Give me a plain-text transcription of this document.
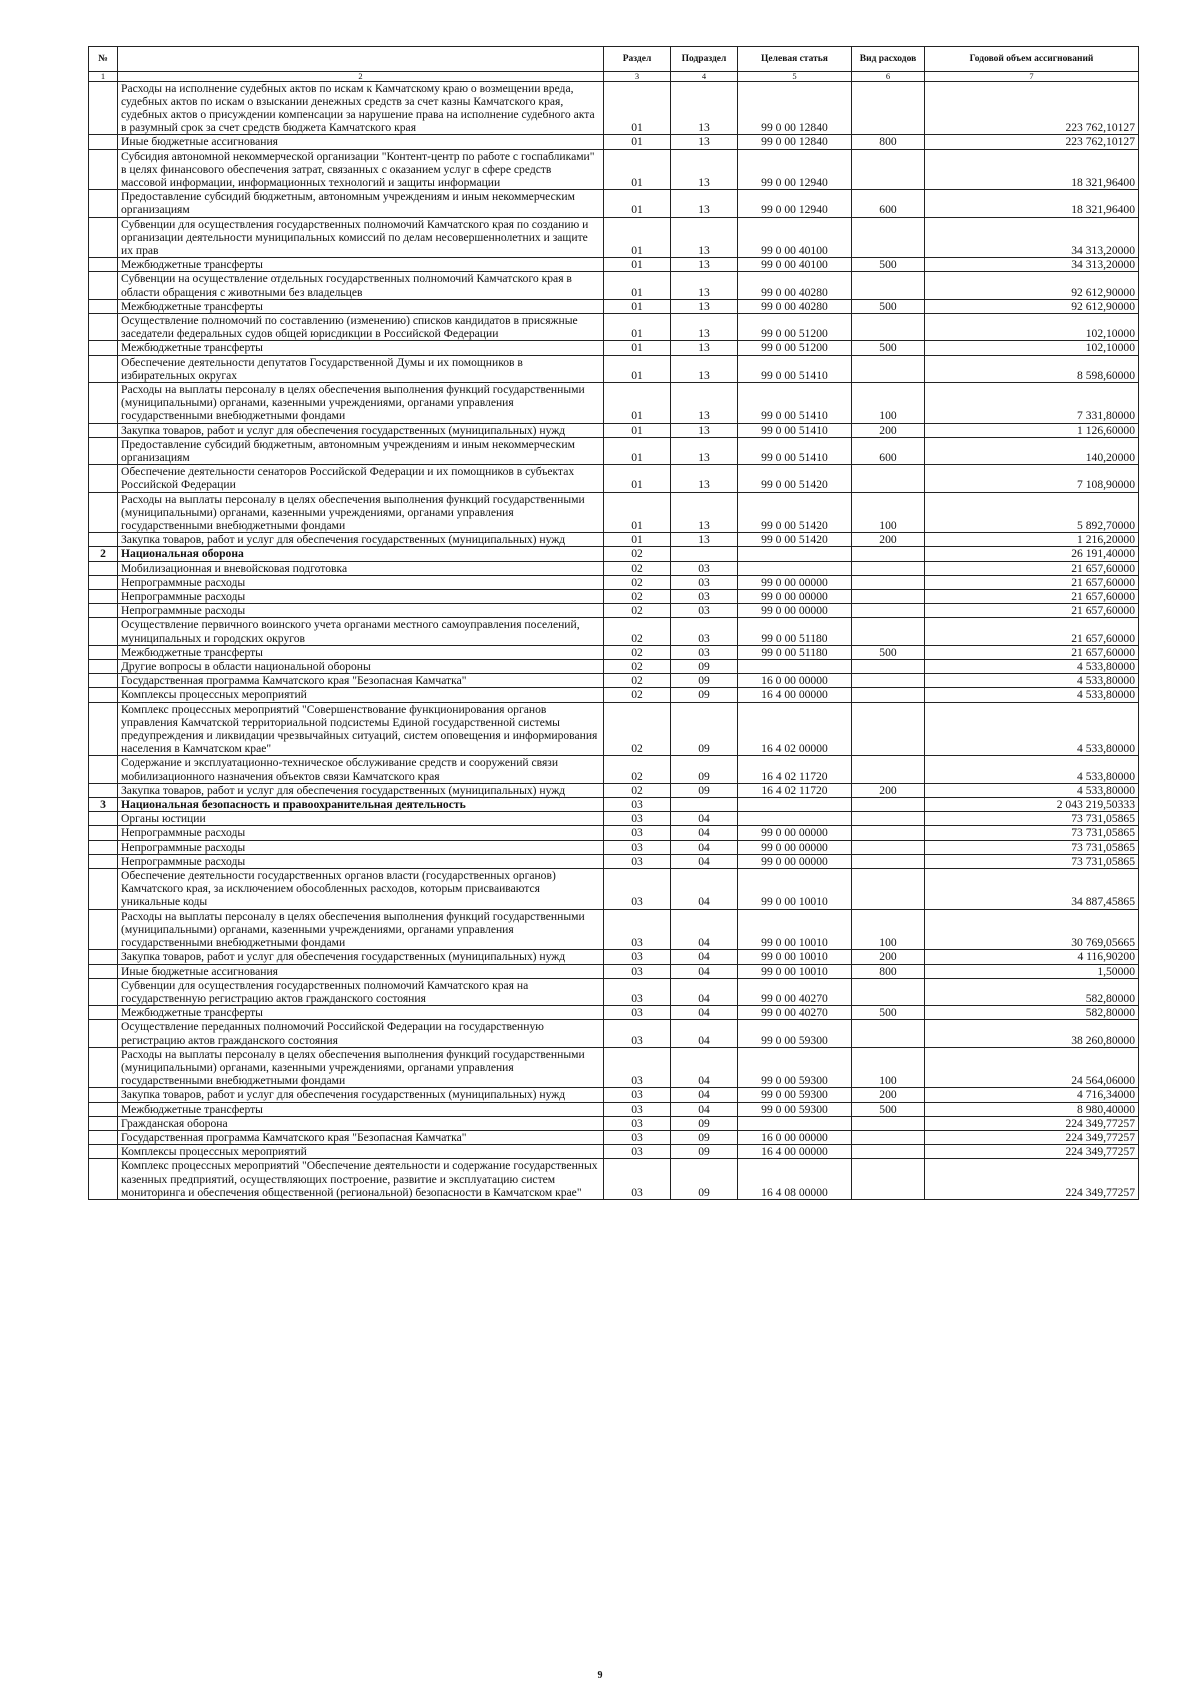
№		Раздел	Подраздел	Целевая статья	Вид расходов	Годовой объем ассигнований
1	2	3	4	5	6	7
	Расходы на исполнение судебных актов по искам к Камчатскому краю о возмещении вреда, судебных актов по искам о взыскании денежных средств за счет казны Камчатского края, судебных актов о присуждении компенсации за нарушение права на исполнение судебного акта в разумный срок за счет средств бюджета Камчатского края	01	13	99 0 00 12840		223 762,10127
	Иные бюджетные ассигнования	01	13	99 0 00 12840	800	223 762,10127
	Субсидия автономной некоммерческой организации "Контент-центр по работе с госпабликами" в целях финансового обеспечения затрат, связанных с оказанием услуг в сфере средств массовой информации, информационных технологий и защиты информации	01	13	99 0 00 12940		18 321,96400
	Предоставление субсидий бюджетным, автономным учреждениям и иным некоммерческим организациям	01	13	99 0 00 12940	600	18 321,96400
	Субвенции для осуществления государственных полномочий Камчатского края по созданию и организации деятельности муниципальных комиссий по делам несовершеннолетних и защите их прав	01	13	99 0 00 40100		34 313,20000
	Межбюджетные трансферты	01	13	99 0 00 40100	500	34 313,20000
	Субвенции на осуществление отдельных государственных полномочий Камчатского края в области обращения с животными без владельцев	01	13	99 0 00 40280		92 612,90000
	Межбюджетные трансферты	01	13	99 0 00 40280	500	92 612,90000
	Осуществление полномочий по составлению (изменению) списков кандидатов в присяжные заседатели федеральных судов общей юрисдикции в Российской Федерации	01	13	99 0 00 51200		102,10000
	Межбюджетные трансферты	01	13	99 0 00 51200	500	102,10000
	Обеспечение деятельности депутатов Государственной Думы и их помощников в избирательных округах	01	13	99 0 00 51410		8 598,60000
	Расходы на выплаты персоналу в целях обеспечения выполнения функций государственными (муниципальными) органами, казенными учреждениями, органами управления государственными внебюджетными фондами	01	13	99 0 00 51410	100	7 331,80000
	Закупка товаров, работ и услуг для обеспечения государственных (муниципальных) нужд	01	13	99 0 00 51410	200	1 126,60000
	Предоставление субсидий бюджетным, автономным учреждениям и иным некоммерческим организациям	01	13	99 0 00 51410	600	140,20000
	Обеспечение деятельности сенаторов Российской Федерации и их помощников в субъектах Российской Федерации	01	13	99 0 00 51420		7 108,90000
	Расходы на выплаты персоналу в целях обеспечения выполнения функций государственными (муниципальными) органами, казенными учреждениями, органами управления государственными внебюджетными фондами	01	13	99 0 00 51420	100	5 892,70000
	Закупка товаров, работ и услуг для обеспечения государственных (муниципальных) нужд	01	13	99 0 00 51420	200	1 216,20000
2	Национальная оборона	02				26 191,40000
	Мобилизационная и вневойсковая подготовка	02	03			21 657,60000
	Непрограммные расходы	02	03	99 0 00 00000		21 657,60000
	Непрограммные расходы	02	03	99 0 00 00000		21 657,60000
	Непрограммные расходы	02	03	99 0 00 00000		21 657,60000
	Осуществление первичного воинского учета органами местного самоуправления поселений, муниципальных и городских округов	02	03	99 0 00 51180		21 657,60000
	Межбюджетные трансферты	02	03	99 0 00 51180	500	21 657,60000
	Другие вопросы в области национальной обороны	02	09			4 533,80000
	Государственная программа Камчатского края "Безопасная Камчатка"	02	09	16 0 00 00000		4 533,80000
	Комплексы процессных мероприятий	02	09	16 4 00 00000		4 533,80000
	Комплекс процессных мероприятий "Совершенствование функционирования органов управления Камчатской территориальной подсистемы Единой государственной системы предупреждения и ликвидации чрезвычайных ситуаций, систем оповещения и информирования населения в Камчатском крае"	02	09	16 4 02 00000		4 533,80000
	Содержание и эксплуатационно-техническое обслуживание средств и сооружений связи мобилизационного назначения объектов связи Камчатского края	02	09	16 4 02 11720		4 533,80000
	Закупка товаров, работ и услуг для обеспечения государственных (муниципальных) нужд	02	09	16 4 02 11720	200	4 533,80000
3	Национальная безопасность и правоохранительная деятельность	03				2 043 219,50333
	Органы юстиции	03	04			73 731,05865
	Непрограммные расходы	03	04	99 0 00 00000		73 731,05865
	Непрограммные расходы	03	04	99 0 00 00000		73 731,05865
	Непрограммные расходы	03	04	99 0 00 00000		73 731,05865
	Обеспечение деятельности государственных органов власти (государственных органов) Камчатского края, за исключением обособленных расходов, которым присваиваются уникальные коды	03	04	99 0 00 10010		34 887,45865
	Расходы на выплаты персоналу в целях обеспечения выполнения функций государственными (муниципальными) органами, казенными учреждениями, органами управления государственными внебюджетными фондами	03	04	99 0 00 10010	100	30 769,05665
	Закупка товаров, работ и услуг для обеспечения государственных (муниципальных) нужд	03	04	99 0 00 10010	200	4 116,90200
	Иные бюджетные ассигнования	03	04	99 0 00 10010	800	1,50000
	Субвенции для осуществления государственных полномочий Камчатского края на государственную регистрацию актов гражданского состояния	03	04	99 0 00 40270		582,80000
	Межбюджетные трансферты	03	04	99 0 00 40270	500	582,80000
	Осуществление переданных полномочий Российской Федерации на государственную регистрацию актов гражданского состояния	03	04	99 0 00 59300		38 260,80000
	Расходы на выплаты персоналу в целях обеспечения выполнения функций государственными (муниципальными) органами, казенными учреждениями, органами управления государственными внебюджетными фондами	03	04	99 0 00 59300	100	24 564,06000
	Закупка товаров, работ и услуг для обеспечения государственных (муниципальных) нужд	03	04	99 0 00 59300	200	4 716,34000
	Межбюджетные трансферты	03	04	99 0 00 59300	500	8 980,40000
	Гражданская оборона	03	09			224 349,77257
	Государственная программа Камчатского края "Безопасная Камчатка"	03	09	16 0 00 00000		224 349,77257
	Комплексы процессных мероприятий	03	09	16 4 00 00000		224 349,77257
	Комплекс процессных мероприятий "Обеспечение деятельности и содержание государственных казенных предприятий, осуществляющих построение, развитие и эксплуатацию систем мониторинга и обеспечения общественной (региональной) безопасности в Камчатском крае"	03	09	16 4 08 00000		224 349,77257
9
